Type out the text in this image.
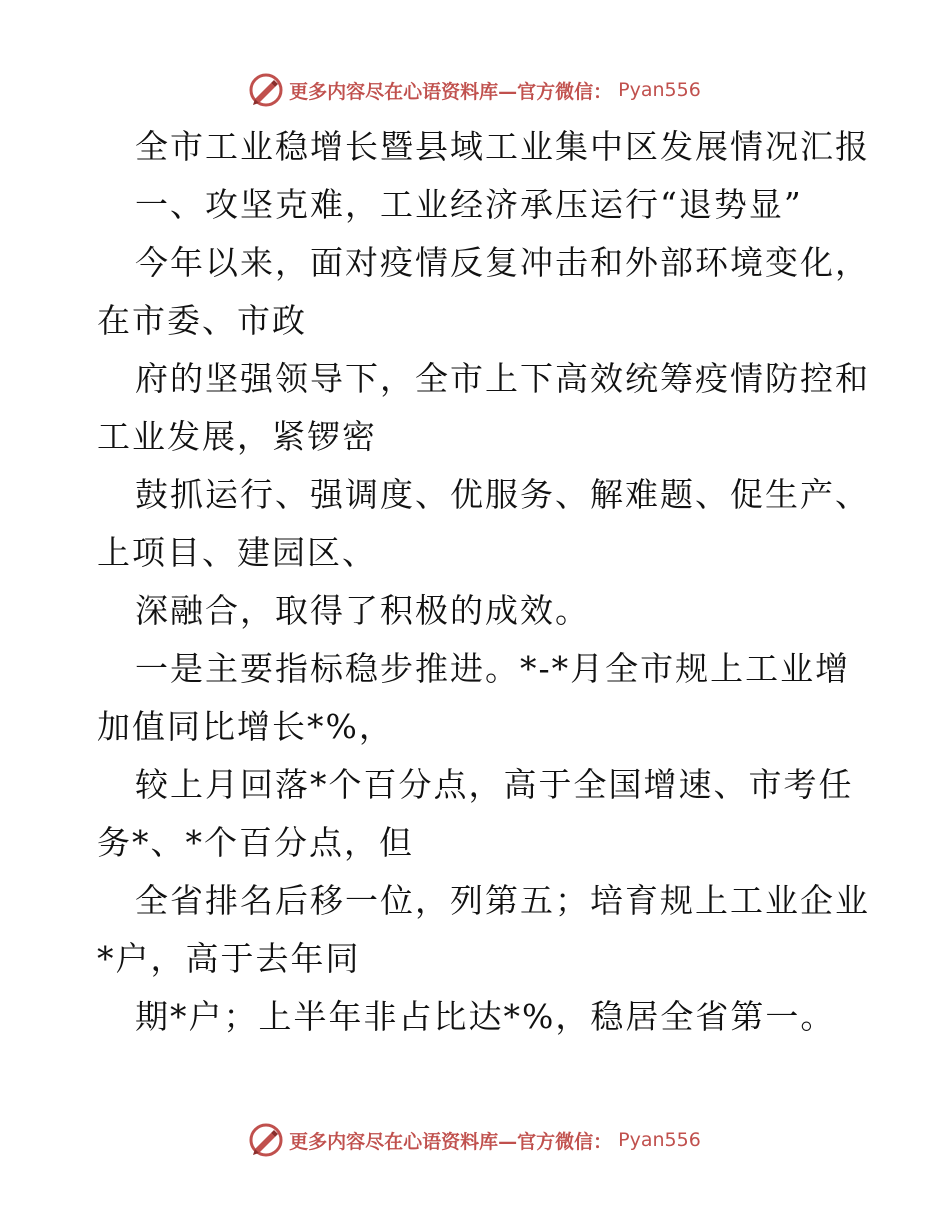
更多内容尽在心语资料库—官方微信： Pyan556
全市工业稳增长暨县域工业集中区发展情况汇报
一、攻坚克难，工业经济承压运行“退势显”
今年以来，面对疫情反复冲击和外部环境变化，
在市委、市政
府的坚强领导下，全市上下高效统筹疫情防控和
工业发展，紧锣密
鼓抓运行、强调度、优服务、解难题、促生产、
上项目、建园区、
深融合，取得了积极的成效。
一是主要指标稳步推进。*-*月全市规上工业增
加值同比增长*%，
较上月回落*个百分点，高于全国增速、市考任
务*、*个百分点，但
全省排名后移一位，列第五；培育规上工业企业
*户，高于去年同
期*户；上半年非占比达*%，稳居全省第一。
更多内容尽在心语资料库—官方微信： Pyan556
